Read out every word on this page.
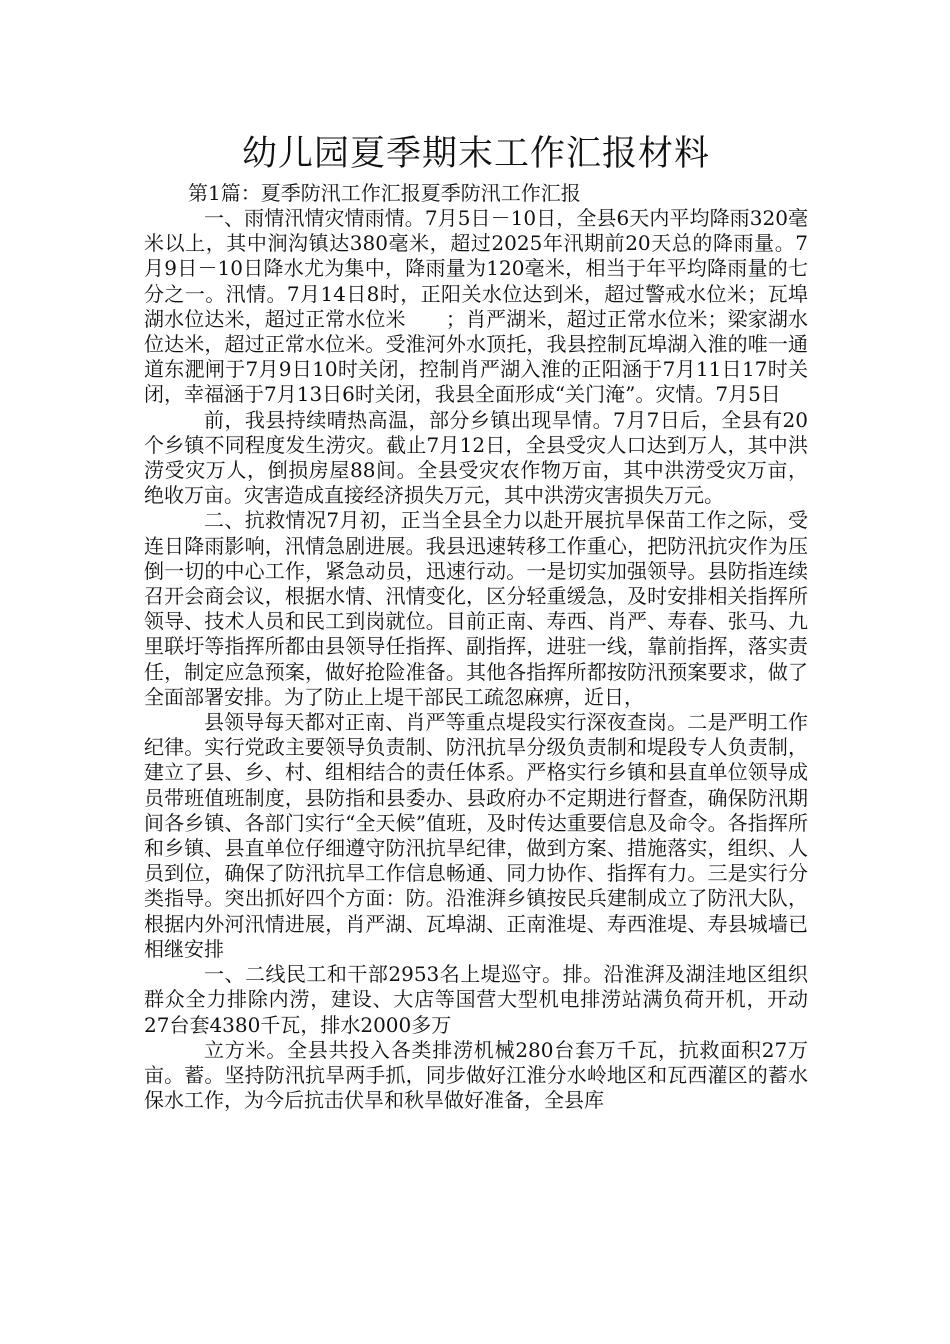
幼儿园夏季期末工作汇报材料

第1篇：夏季防汛工作汇报夏季防汛工作汇报

一、雨情汛情灾情雨情。7月5日－10日，全县6天内平均降雨320毫米以上，其中涧沟镇达380毫米，超过2025年汛期前20天总的降雨量。7月9日－10日降水尤为集中，降雨量为120毫米，相当于年平均降雨量的七分之一。汛情。7月14日8时，正阳关水位达到米，超过警戒水位米；瓦埠湖水位达米，超过正常水位米　　；肖严湖米，超过正常水位米；梁家湖水位达米，超过正常水位米。受淮河外水顶托，我县控制瓦埠湖入淮的唯一通道东淝闸于7月9日10时关闭，控制肖严湖入淮的正阳涵于7月11日17时关闭，幸福涵于7月13日6时关闭，我县全面形成“关门淹”。灾情。7月5日

前，我县持续晴热高温，部分乡镇出现旱情。7月7日后，全县有20个乡镇不同程度发生涝灾。截止7月12日，全县受灾人口达到万人，其中洪涝受灾万人，倒损房屋88间。全县受灾农作物万亩，其中洪涝受灾万亩，绝收万亩。灾害造成直接经济损失万元，其中洪涝灾害损失万元。

二、抗救情况7月初，正当全县全力以赴开展抗旱保苗工作之际，受连日降雨影响，汛情急剧进展。我县迅速转移工作重心，把防汛抗灾作为压倒一切的中心工作，紧急动员，迅速行动。一是切实加强领导。县防指连续召开会商会议，根据水情、汛情变化，区分轻重缓急，及时安排相关指挥所领导、技术人员和民工到岗就位。目前正南、寿西、肖严、寿春、张马、九里联圩等指挥所都由县领导任指挥、副指挥，进驻一线，靠前指挥，落实责任，制定应急预案，做好抢险准备。其他各指挥所都按防汛预案要求，做了全面部署安排。为了防止上堤干部民工疏忽麻痹，近日，

县领导每天都对正南、肖严等重点堤段实行深夜查岗。二是严明工作纪律。实行党政主要领导负责制、防汛抗旱分级负责制和堤段专人负责制，建立了县、乡、村、组相结合的责任体系。严格实行乡镇和县直单位领导成员带班值班制度，县防指和县委办、县政府办不定期进行督查，确保防汛期间各乡镇、各部门实行“全天候”值班，及时传达重要信息及命令。各指挥所和乡镇、县直单位仔细遵守防汛抗旱纪律，做到方案、措施落实，组织、人员到位，确保了防汛抗旱工作信息畅通、同力协作、指挥有力。三是实行分类指导。突出抓好四个方面：防。沿淮湃乡镇按民兵建制成立了防汛大队，根据内外河汛情进展，肖严湖、瓦埠湖、正南淮堤、寿西淮堤、寿县城墙已相继安排

一、二线民工和干部2953名上堤巡守。排。沿淮湃及湖洼地区组织群众全力排除内涝，建设、大店等国营大型机电排涝站满负荷开机，开动27台套4380千瓦，排水2000多万

立方米。全县共投入各类排涝机械280台套万千瓦，抗救面积27万亩。蓄。坚持防汛抗旱两手抓，同步做好江淮分水岭地区和瓦西灌区的蓄水保水工作，为今后抗击伏旱和秋旱做好准备，全县库
